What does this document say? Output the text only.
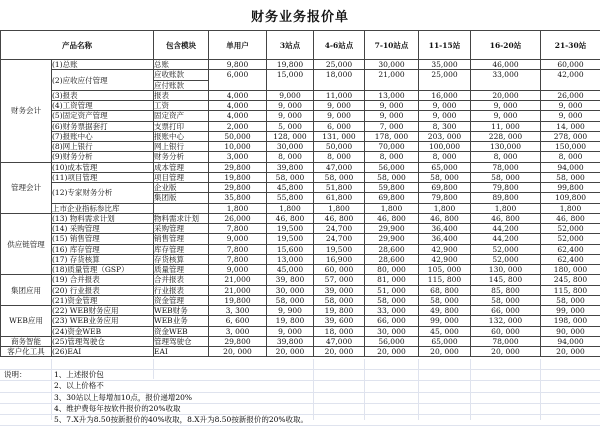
财务业务报价单
产品名称		包含模块	单用户	3站点	4-6站点	7-10站点	11-15站	16-20站	21-30站
财务会计	(1)总账	总账	9,800	19,800	25,000	30,000	35,000	46,000	60,000
	(2)应收应付管理	应收账款	6,000	15,000	18,000	21,000	25,000	33,000	42,000
		应付账款							
	(3)报表	报表	4,000	9,000	11,000	13,000	16,000	20,000	26,000
	(4)工资管理	工资	4,000	9, 000	9, 000	9, 000	9, 000	9, 000	9, 000
	(5)固定资产管理	固定资产	4,000	9, 000	9, 000	9, 000	9, 000	9, 000	9, 000
	(6)财务票据套打	支票打印	2,000	5, 000	6, 000	7, 000	8, 300	11, 000	14, 000
	(7)报账中心	报账中心	50,000	128, 000	131, 000	178, 000	203, 000	228, 000	278, 000
	(8)网上银行	网上银行	10,000	30,000	50,000	70,000	100,000	130,000	150,000
	(9)财务分析	财务分析	3,000	8, 000	8, 000	8, 000	8, 000	8, 000	8, 000
管理会计	(10)成本管理	成本管理	29,800	39,800	47,000	56,000	65,000	78,000	94,000
	(11)项目管理	项目管理	19,800	58, 000	58, 000	58, 000	58, 000	58, 000	58, 000
	(12)专家财务分析	企业版	29,800	45,800	51,800	59,800	69,800	79,800	99,800
		集团版	35,800	55,800	61,800	69,800	79,800	89,800	109,800
	上市企业指标参比库		1,800	1,800	1,800	1,800	1,800	1,800	1,800
供应链管理	(13) 物料需求计划	物料需求计划	26,000	46, 800	46, 800	46, 800	46, 800	46, 800	46, 800
	(14) 采购管理	采购管理	7,800	19,500	24,700	29,900	36,400	44,200	52,000
	(15) 销售管理	销售管理	9,000	19,500	24,700	29,900	36,400	44,200	52,000
	(16) 库存管理	库存管理	7,800	15,600	19,500	28,600	42,900	52,000	62,400
	(17) 存货核算	存货核算	7,800	13,000	16,900	28,600	42,900	52,000	62,400
	(18)质量管理（GSP）	质量管理	9,000	45,000	60, 000	80, 000	105, 000	130, 000	180, 000
集团应用	(19) 合并报表	合并报表	21,000	39, 800	57, 000	81, 000	115, 800	145, 800	245, 800
	(20) 行业报表	行业报表	21,000	30, 000	39, 000	51, 000	68, 800	85, 800	115, 800
	(21)资金管理	资金管理	19,800	58, 000	58, 000	58, 000	58, 000	58, 000	58, 000
WEB应用	(22) WEB财务应用	WEB财务	3, 300	9, 900	19, 800	33, 000	49, 800	66, 000	99, 000
	(23) WEB业务应用	WEB业务	6, 600	19, 800	39, 600	66, 000	99, 000	132, 000	198, 000
	(24)资金WEB	资金WEB	3, 000	9, 000	18, 000	30, 000	45, 000	60, 000	90, 000
商务智能	(25)管理驾驶仓	管理驾驶仓	29,800	39,800	47,000	56,000	65,000	78,000	94,000
客户化工具	(26)EAI	EAI	20, 000	20, 000	20, 000	20, 000	20, 000	20, 000	20, 000
说明：	1、上述报价包
2、以上价格不
3、30站以上每增加10点，报价递增20%
4、维护费每年按软件报价的20%收取
5、7.X升为8.50按新报价的40%收取，8.X升为8.50按新报价的20%收取。
